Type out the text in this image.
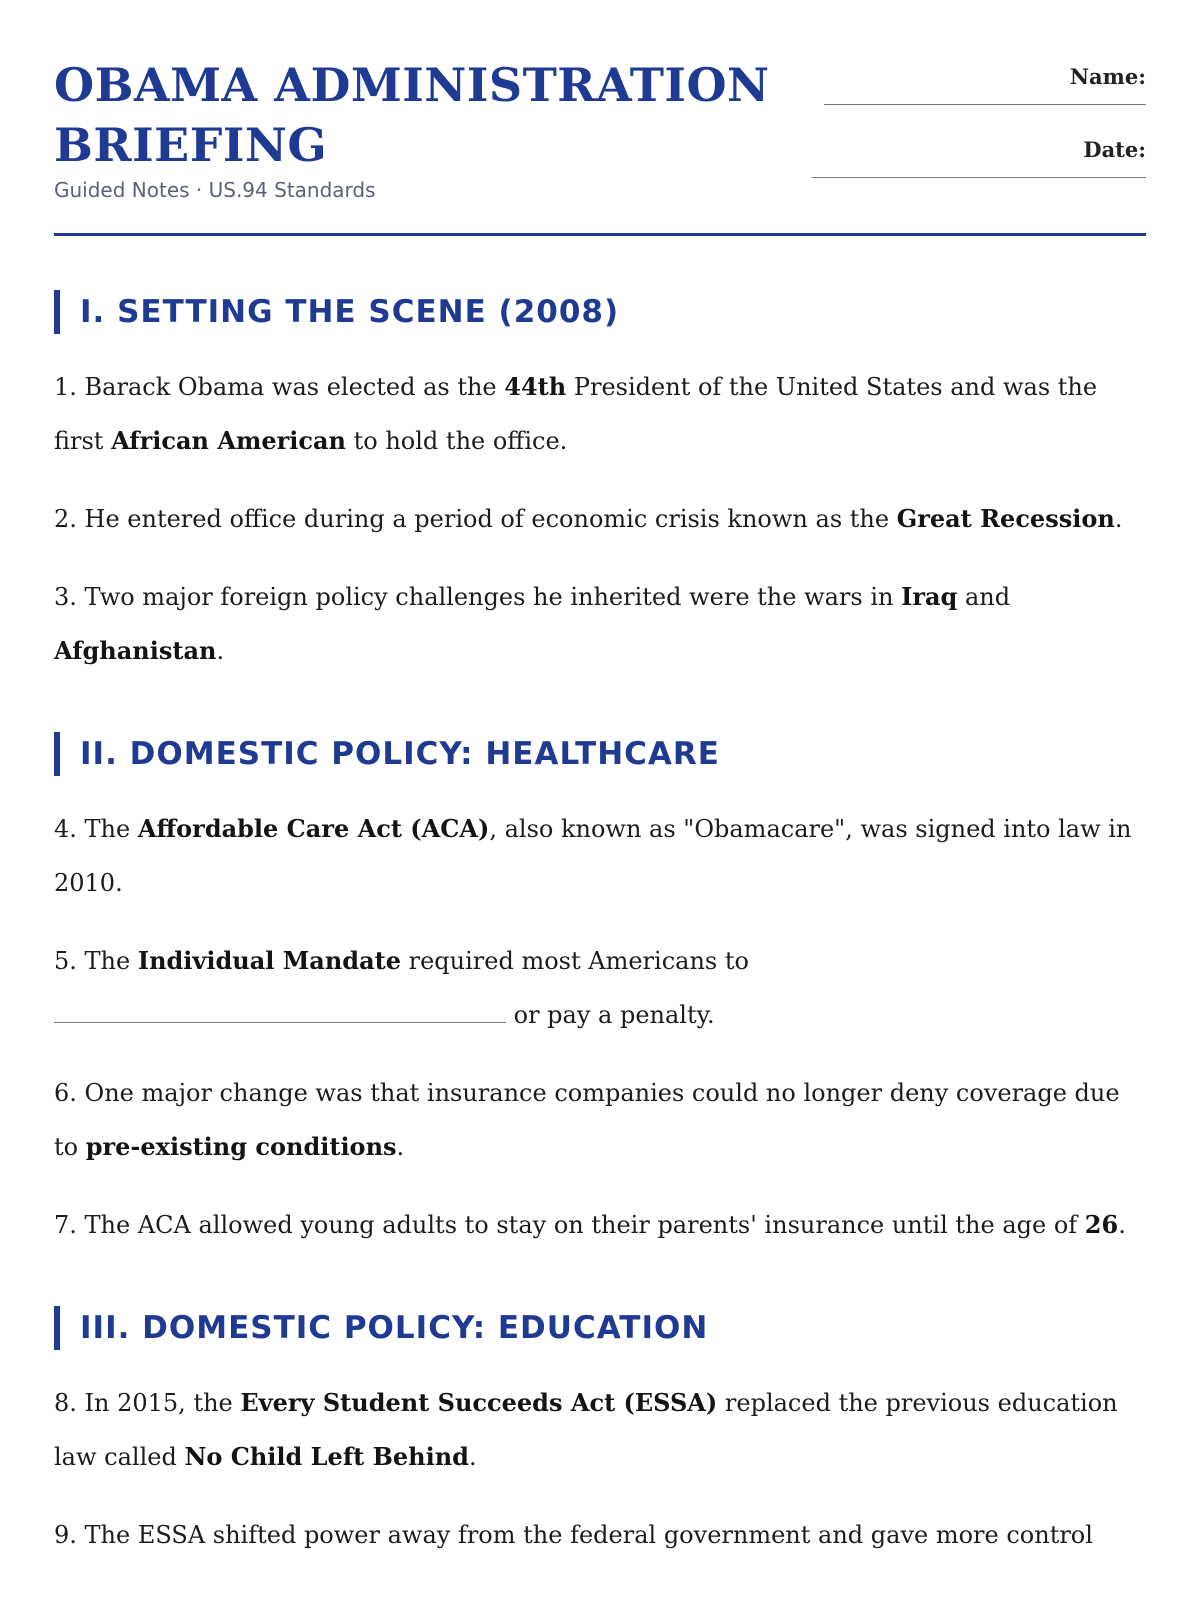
OBAMA ADMINISTRATION
BRIEFING
Guided Notes · US.94 Standards
Name:
Date:
I. SETTING THE SCENE (2008)

1. Barack Obama was elected as the 44th President of the United States and was the first African American to hold the office.

2. He entered office during a period of economic crisis known as the Great Recession.

3. Two major foreign policy challenges he inherited were the wars in Iraq and Afghanistan.

II. DOMESTIC POLICY: HEALTHCARE

4. The Affordable Care Act (ACA), also known as "Obamacare", was signed into law in 2010.

5. The Individual Mandate required most Americans to
or pay a penalty.

6. One major change was that insurance companies could no longer deny coverage due to pre-existing conditions.

7. The ACA allowed young adults to stay on their parents' insurance until the age of 26.

III. DOMESTIC POLICY: EDUCATION

8. In 2015, the Every Student Succeeds Act (ESSA) replaced the previous education law called No Child Left Behind.

9. The ESSA shifted power away from the federal government and gave more control
